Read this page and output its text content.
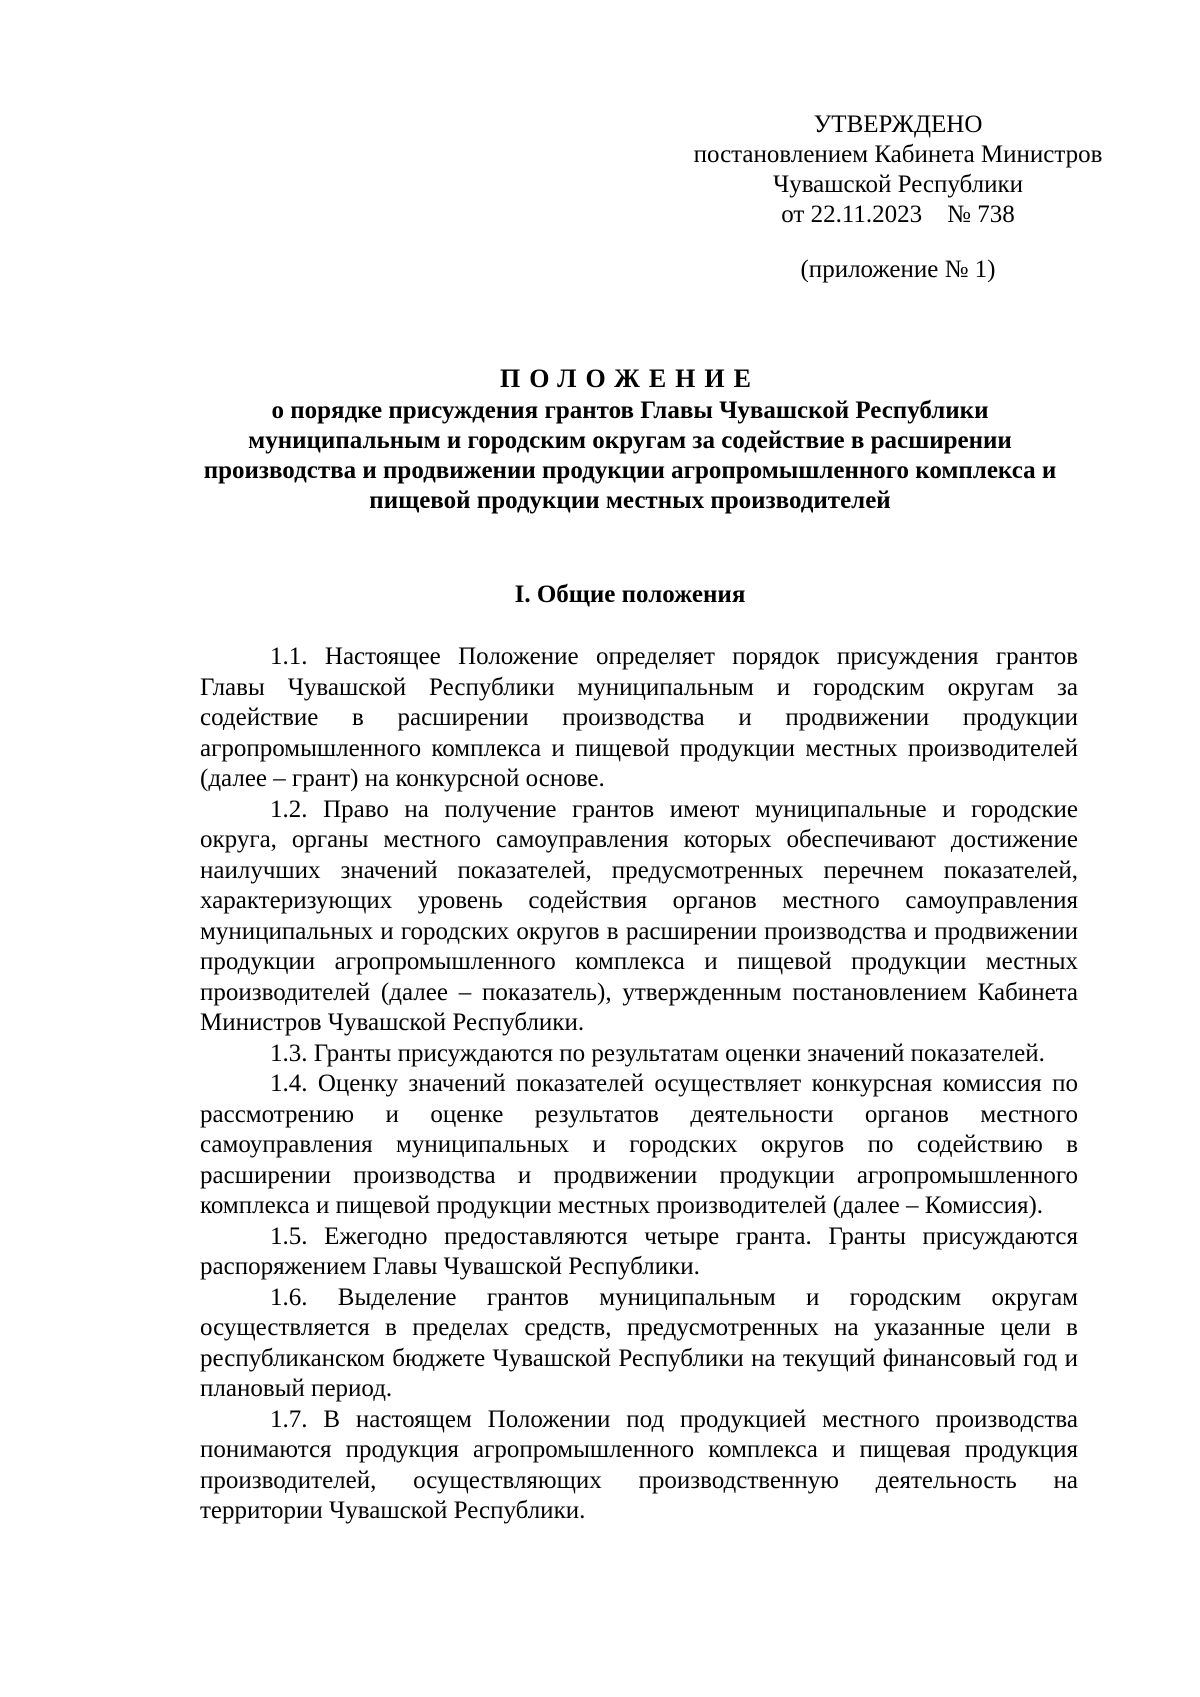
УТВЕРЖДЕНО
постановлением Кабинета Министров
Чувашской Республики
от 22.11.2023    № 738
(приложение № 1)
ПОЛОЖЕНИЕ
о порядке присуждения грантов Главы Чувашской Республики
муниципальным и городским округам за содействие в расширении
производства и продвижении продукции агропромышленного комплекса и
пищевой продукции местных производителей
I. Общие положения

1.1. Настоящее Положение определяет порядок присуждения грантов Главы Чувашской Республики муниципальным и городским округам за содействие в расширении производства и продвижении продукции агропромышленного комплекса и пищевой продукции местных производителей (далее – грант) на конкурсной основе.

1.2. Право на получение грантов имеют муниципальные и городские округа, органы местного самоуправления которых обеспечивают достижение наилучших значений показателей, предусмотренных перечнем показателей, характеризующих уровень содействия органов местного самоуправления муниципальных и городских округов в расширении производства и продвижении продукции агропромышленного комплекса и пищевой продукции местных производителей (далее – показатель), утвержденным постановлением Кабинета Министров Чувашской Республики.

1.3. Гранты присуждаются по результатам оценки значений показателей.

1.4. Оценку значений показателей осуществляет конкурсная комиссия по рассмотрению и оценке результатов деятельности органов местного самоуправления муниципальных и городских округов по содействию в расширении производства и продвижении продукции агропромышленного комплекса и пищевой продукции местных производителей (далее – Комиссия).

1.5. Ежегодно предоставляются четыре гранта. Гранты присуждаются распоряжением Главы Чувашской Республики.

1.6. Выделение грантов муниципальным и городским округам осуществляется в пределах средств, предусмотренных на указанные цели в республиканском бюджете Чувашской Республики на текущий финансовый год и плановый период.

1.7. В настоящем Положении под продукцией местного производства понимаются продукция агропромышленного комплекса и пищевая продукция производителей, осуществляющих производственную деятельность на территории Чувашской Республики.
